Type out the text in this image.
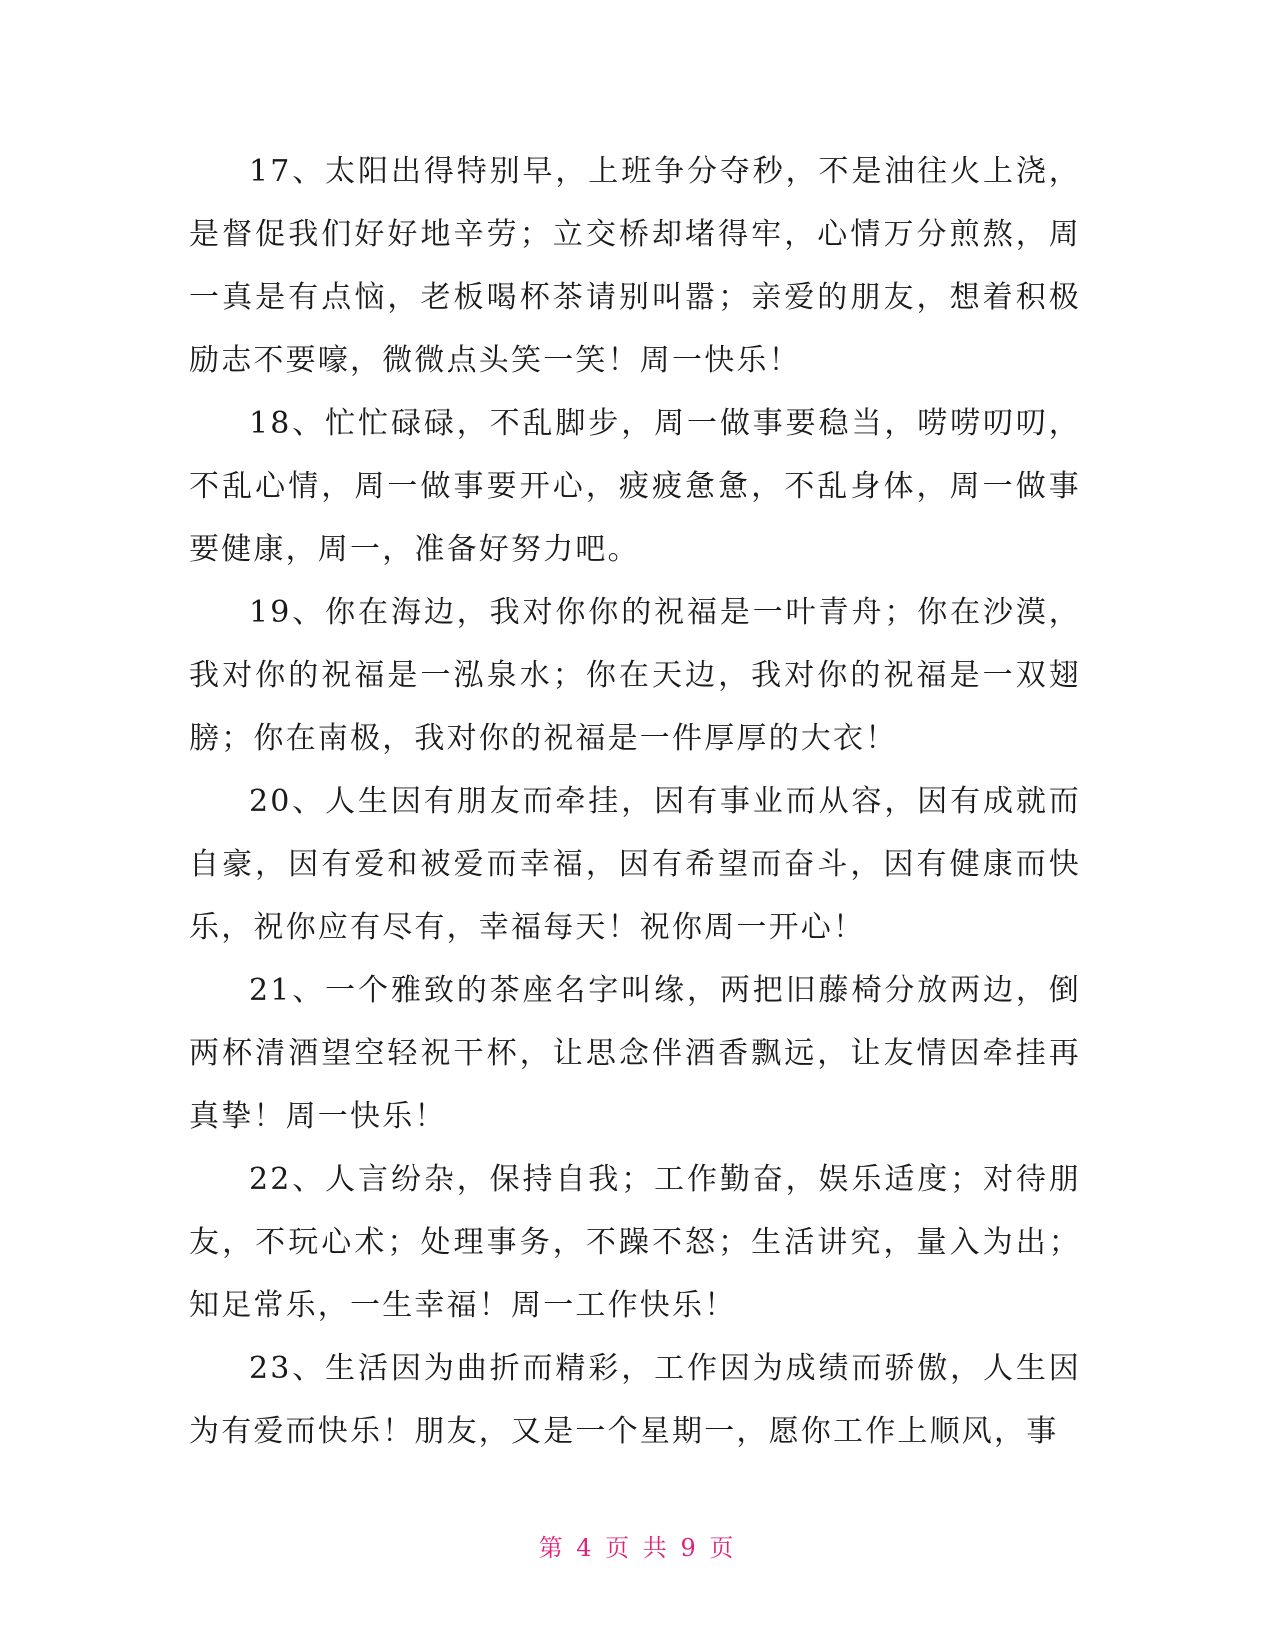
17、太阳出得特别早，上班争分夺秒，不是油往火上浇，是督促我们好好地辛劳；立交桥却堵得牢，心情万分煎熬，周一真是有点恼，老板喝杯茶请别叫嚣；亲爱的朋友，想着积极励志不要嚎，微微点头笑一笑！周一快乐！

18、忙忙碌碌，不乱脚步，周一做事要稳当，唠唠叨叨，不乱心情，周一做事要开心，疲疲惫惫，不乱身体，周一做事要健康，周一，准备好努力吧。

19、你在海边，我对你你的祝福是一叶青舟；你在沙漠，我对你的祝福是一泓泉水；你在天边，我对你的祝福是一双翅膀；你在南极，我对你的祝福是一件厚厚的大衣！

20、人生因有朋友而牵挂，因有事业而从容，因有成就而自豪，因有爱和被爱而幸福，因有希望而奋斗，因有健康而快乐，祝你应有尽有，幸福每天！祝你周一开心！

21、一个雅致的茶座名字叫缘，两把旧藤椅分放两边，倒两杯清酒望空轻祝干杯，让思念伴酒香飘远，让友情因牵挂再真挚！周一快乐！

22、人言纷杂，保持自我；工作勤奋，娱乐适度；对待朋友，不玩心术；处理事务，不躁不怒；生活讲究，量入为出；知足常乐，一生幸福！周一工作快乐！

23、生活因为曲折而精彩，工作因为成绩而骄傲，人生因为有爱而快乐！朋友，又是一个星期一，愿你工作上顺风，事

第 4 页 共 9 页
